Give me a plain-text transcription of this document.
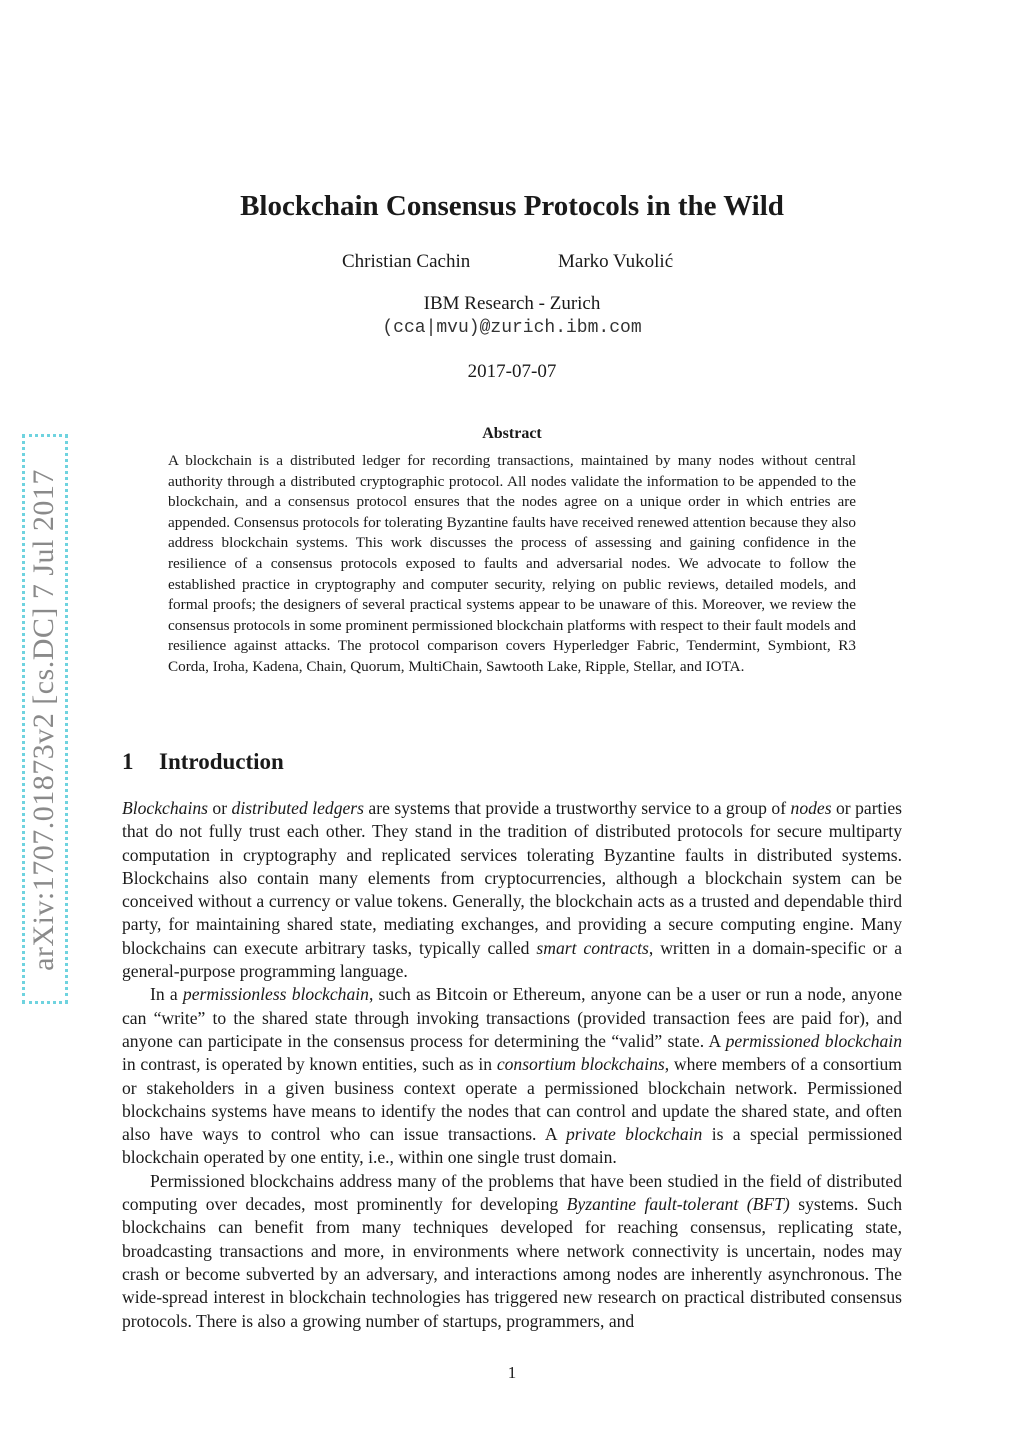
arXiv:1707.01873v2 [cs.DC] 7 Jul 2017
Blockchain Consensus Protocols in the Wild
Christian Cachin	Marko Vukolić
IBM Research - Zurich
(cca|mvu)@zurich.ibm.com
2017-07-07
Abstract

A blockchain is a distributed ledger for recording transactions, maintained by many nodes without central authority through a distributed cryptographic protocol. All nodes validate the information to be appended to the blockchain, and a consensus protocol ensures that the nodes agree on a unique order in which entries are appended. Consensus protocols for tolerating Byzantine faults have received renewed attention because they also address blockchain systems. This work discusses the process of assessing and gaining confidence in the resilience of a consensus protocols exposed to faults and adversarial nodes. We advocate to follow the established practice in cryptography and computer security, relying on public reviews, detailed models, and formal proofs; the designers of several practical systems appear to be unaware of this. Moreover, we review the consensus protocols in some prominent permissioned blockchain platforms with respect to their fault models and resilience against attacks. The protocol comparison covers Hyperledger Fabric, Tendermint, Symbiont, R3 Corda, Iroha, Kadena, Chain, Quorum, MultiChain, Sawtooth Lake, Ripple, Stellar, and IOTA.

1 Introduction

Blockchains or distributed ledgers are systems that provide a trustworthy service to a group of nodes or parties that do not fully trust each other. They stand in the tradition of distributed protocols for secure multiparty computation in cryptography and replicated services tolerating Byzantine faults in distributed systems. Blockchains also contain many elements from cryptocurrencies, although a blockchain system can be conceived without a currency or value tokens. Generally, the blockchain acts as a trusted and dependable third party, for maintaining shared state, mediating exchanges, and providing a secure computing engine. Many blockchains can execute arbitrary tasks, typically called smart contracts, written in a domain-specific or a general-purpose programming language.

In a permissionless blockchain, such as Bitcoin or Ethereum, anyone can be a user or run a node, anyone can “write” to the shared state through invoking transactions (provided transaction fees are paid for), and anyone can participate in the consensus process for determining the “valid” state. A permissioned blockchain in contrast, is operated by known entities, such as in consortium blockchains, where members of a consortium or stakeholders in a given business context operate a permissioned blockchain network. Permissioned blockchains systems have means to identify the nodes that can control and update the shared state, and often also have ways to control who can issue transactions. A private blockchain is a special permissioned blockchain operated by one entity, i.e., within one single trust domain.

Permissioned blockchains address many of the problems that have been studied in the field of distributed computing over decades, most prominently for developing Byzantine fault-tolerant (BFT) systems. Such blockchains can benefit from many techniques developed for reaching consensus, replicating state, broadcasting transactions and more, in environments where network connectivity is uncertain, nodes may crash or become subverted by an adversary, and interactions among nodes are inherently asynchronous. The wide-spread interest in blockchain technologies has triggered new research on practical distributed consensus protocols. There is also a growing number of startups, programmers, and

1
